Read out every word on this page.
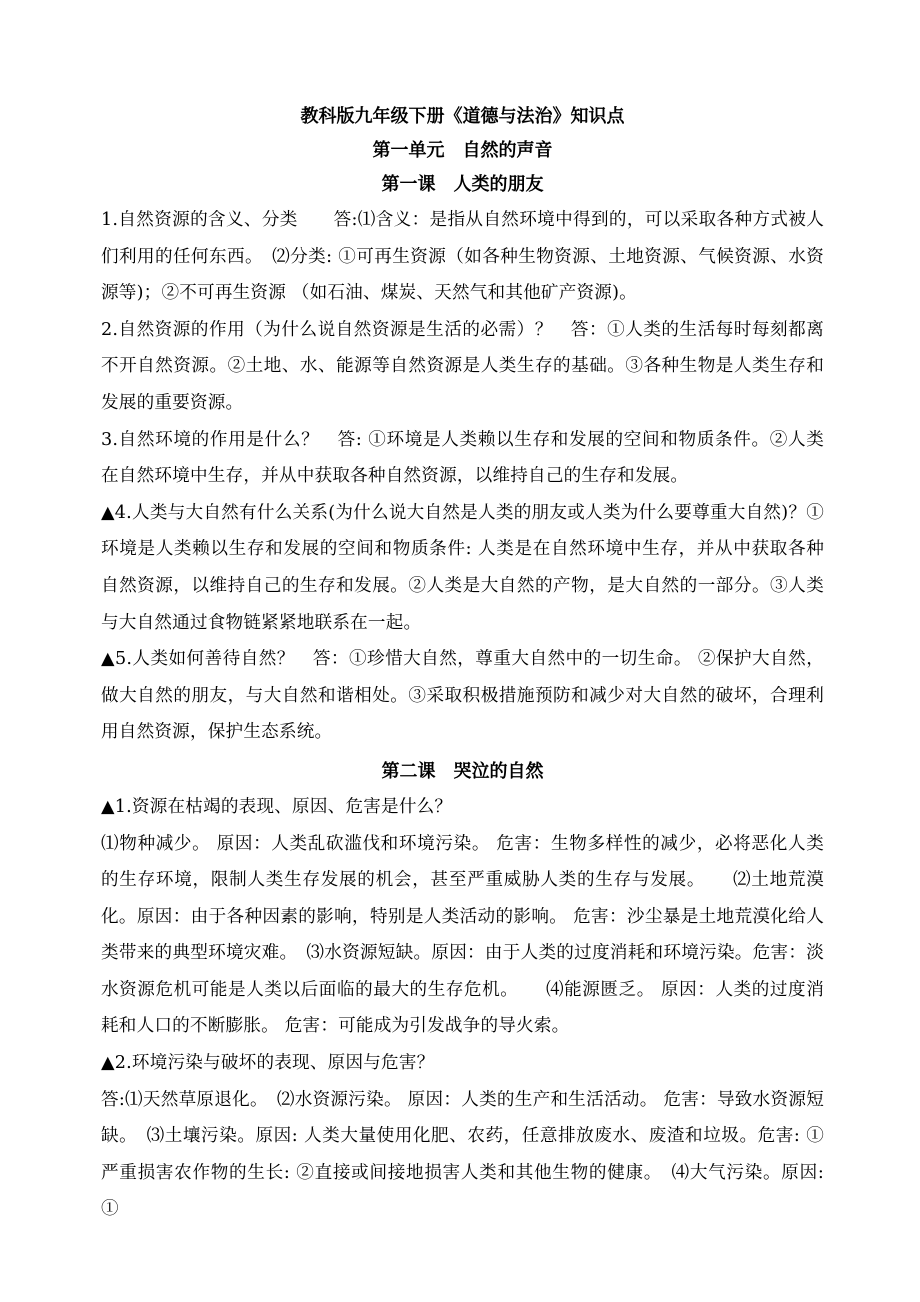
教科版九年级下册《道德与法治》知识点
第一单元　自然的声音
第一课　人类的朋友

1.自然资源的含义、分类　　答:⑴含义：是指从自然环境中得到的，可以采取各种方式被人们利用的任何东西。　⑵分类: ①可再生资源（如各种生物资源、土地资源、气候资源、水资源等)；②不可再生资源 （如石油、煤炭、天然气和其他矿产资源)。

2.自然资源的作用（为什么说自然资源是生活的必需）？　答：①人类的生活每时每刻都离不开自然资源。②土地、水、能源等自然资源是人类生存的基础。③各种生物是人类生存和发展的重要资源。

3.自然环境的作用是什么？　答: ①环境是人类赖以生存和发展的空间和物质条件。②人类在自然环境中生存，并从中获取各种自然资源，以维持自己的生存和发展。

▲4.人类与大自然有什么关系(为什么说大自然是人类的朋友或人类为什么要尊重大自然)？①环境是人类赖以生存和发展的空间和物质条件: 人类是在自然环境中生存，并从中获取各种自然资源，以维持自己的生存和发展。②人类是大自然的产物，是大自然的一部分。③人类与大自然通过食物链紧紧地联系在一起。

▲5.人类如何善待自然？　答：①珍惜大自然，尊重大自然中的一切生命。 ②保护大自然，做大自然的朋友，与大自然和谐相处。③采取积极措施预防和减少对大自然的破坏，合理利用自然资源，保护生态系统。

第二课　哭泣的自然

▲1.资源在枯竭的表现、原因、危害是什么？

⑴物种减少。 原因：人类乱砍滥伐和环境污染。 危害：生物多样性的减少，必将恶化人类的生存环境，限制人类生存发展的机会，甚至严重威胁人类的生存与发展。　　⑵土地荒漠化。原因：由于各种因素的影响，特别是人类活动的影响。 危害：沙尘暴是土地荒漠化给人类带来的典型环境灾难。　⑶水资源短缺。原因：由于人类的过度消耗和环境污染。危害：淡水资源危机可能是人类以后面临的最大的生存危机。　　⑷能源匮乏。 原因：人类的过度消耗和人口的不断膨胀。 危害：可能成为引发战争的导火索。

▲2.环境污染与破坏的表现、原因与危害？

答:⑴天然草原退化。　⑵水资源污染。 原因：人类的生产和生活活动。 危害：导致水资源短缺。　⑶土壤污染。原因: 人类大量使用化肥、农药，任意排放废水、废渣和垃圾。危害: ①严重损害农作物的生长: ②直接或间接地损害人类和其他生物的健康。　⑷大气污染。原因: ①
